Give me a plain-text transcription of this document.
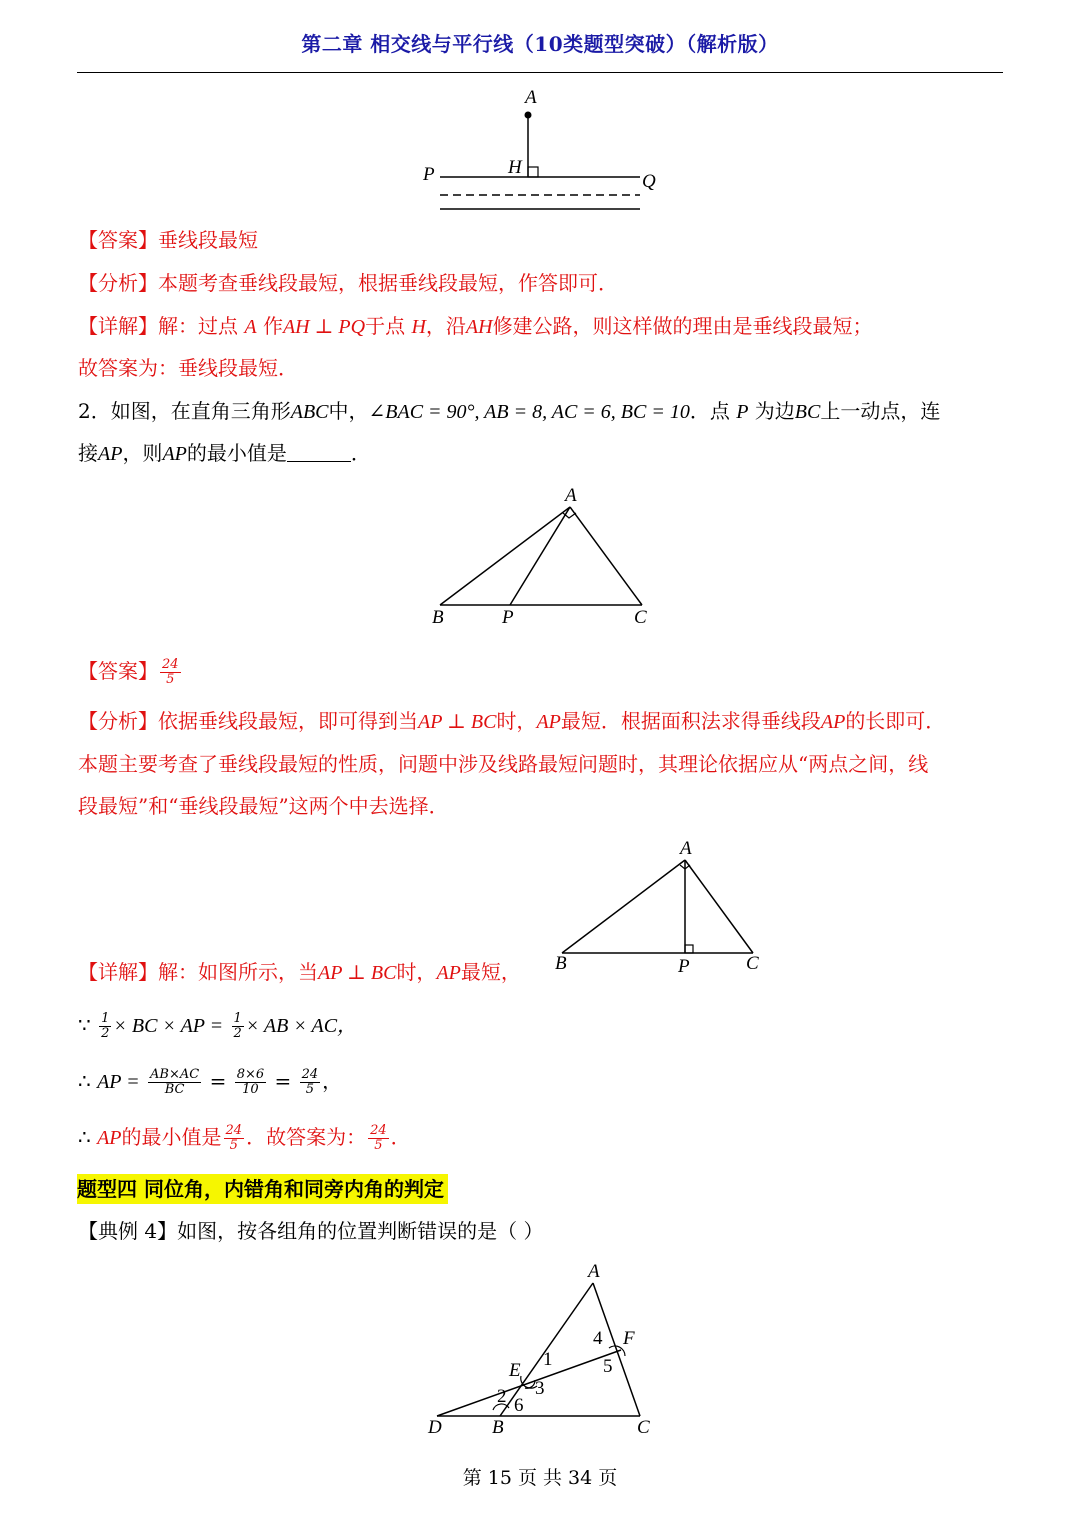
第二章 相交线与平行线（10类题型突破）（解析版）
A
H
P	Q
【答案】垂线段最短
【分析】本题考查垂线段最短，根据垂线段最短，作答即可．
【详解】解：过点 A 作AH ⊥ PQ于点 H，沿AH修建公路，则这样做的理由是垂线段最短；
故答案为：垂线段最短．
2．如图，在直角三角形ABC中，∠BAC = 90°, AB = 8, AC = 6, BC = 10．点 P 为边BC上一动点，连
接AP，则AP的最小值是	．
A
B	P	C
【答案】 $\frac{24}{5}$
【分析】依据垂线段最短，即可得到当AP ⊥ BC时，AP最短．根据面积法求得垂线段AP的长即可．
本题主要考查了垂线段最短的性质，问题中涉及线路最短问题时，其理论依据应从“两点之间，线
段最短”和“垂线段最短”这两个中去选择．
A
B	P	C
【详解】解：如图所示，当AP ⊥ BC时，AP最短，
∵ $\frac{1}{2}$ × BC × AP = $\frac{1}{2}$ × AB × AC，
∴ AP = $\frac{AB\times AC}{BC} = \frac{8\times 6}{10} = \frac{24}{5}$ ，
∴ AP的最小值是 $\frac{24}{5}$ ．故答案为： $\frac{24}{5}$ ．
题型四 同位角，内错角和同旁内角的判定
【典例 4】如图，按各组角的位置判断错误的是（ ）
A
F
E
D	B	C
1
2 3
4
5
6
第 15 页 共 34 页
